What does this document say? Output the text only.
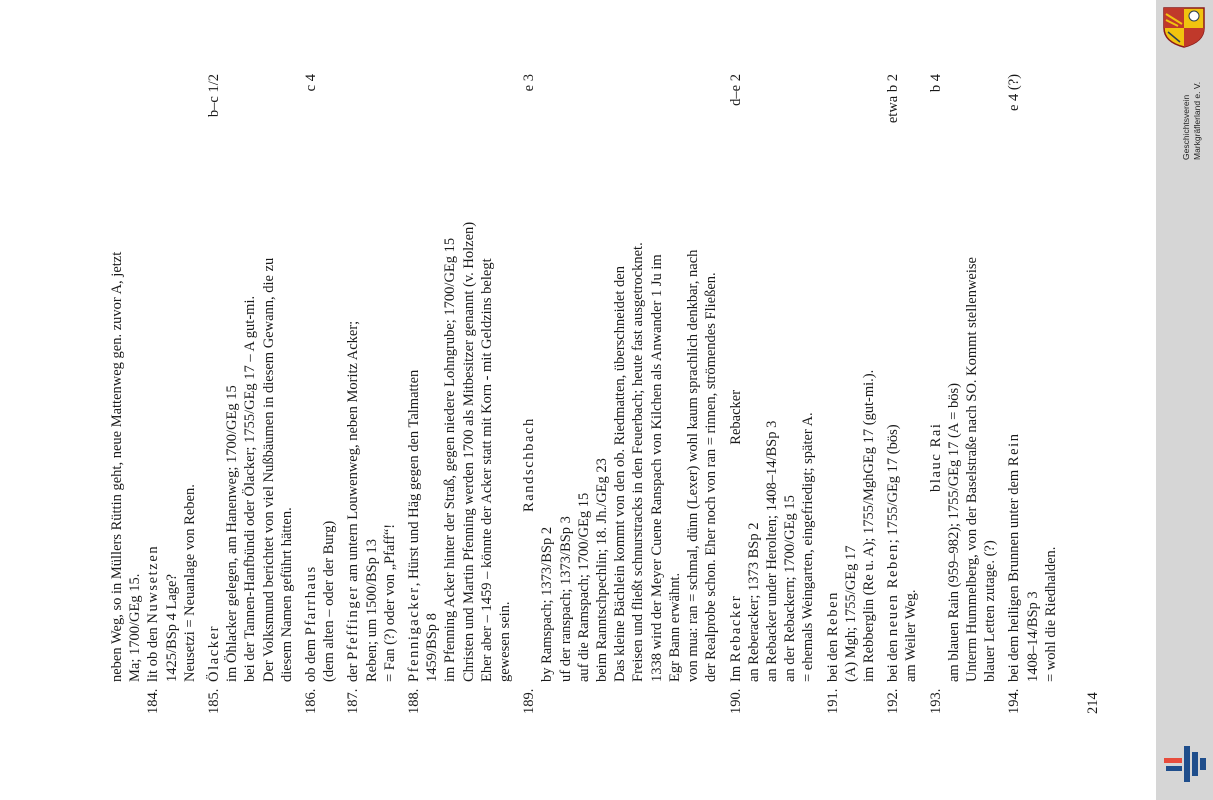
neben Weg, so in Müllers Rüttin geht, neue Mattenweg gen. zuvor A, jetzt Ma; 1700/GEg 15.
184.
lit ob den Nuwsetzen 1425/BSp 4 Lage? Neusetzi = Neuanlage von Reben.
185.
b–c 1/2
Ölacker im Öhlacker gelegen, am Hanenweg; 1700/GEg 15 bei der Tannen-Hanfbündi oder Ölacker; 1755/GEg 17 – A gut-mi. Der Volksmund berichtet von viel Nußbäumen in diesem Gewann, die zu diesem Namen geführt hätten.
186.
c 4
ob dem Pfarrhaus (dem alten – oder der Burg)
187.
der Pfeffinger am untern Louwenweg, neben Moritz Acker;
Reben; um 1500/BSp 13 = Fan (?) oder von „Pfaff“!
188.
Pfennigacker, Hürst und Häg gegen den Talmatten
1459/BSp 8 im Pfenning Acker hinter der Straß, gegen niedere Lohngrube; 1700/GEg 15 Christen und Martin Pfenning werden 1700 als Mitbesitzer genannt (v. Holzen) Eher aber – 1459 – könnte der Acker statt mit Korn - mit Geldzins belegt gewesen sein.
189.
e 3
Randschbach
by Ramspach; 1373/BSp 2 uf der ranspach; 1373/BSp 3 auf die Ramspach; 1700/GEg 15 beim Ranntschpechlin; 18. Jh./GEg 23 Das kleine Bächlein kommt von den ob. Riedmatten, überschneidet den Freisen und fließt schnurstracks in den Feuerbach; heute fast ausgetrocknet. 1338 wird der Meyer Cuene Ranspach von Kilchen als Anwander 1 Ju im Egr Bann erwähnt. von mua: ran = schmal, dünn (Lexer) wohl kaum sprachlich denkbar, nach der Realprobe schon. Eher noch von ran = rinnen, strömendes Fließen.
190.
d–e 2
Im RebackerRebacker
an Reberacker; 1373 BSp 2 an Rebacker under Herolten; 1408–14/BSp 3 an der Rebackern; 1700/GEg 15 = ehemals Weingarten, eingefriedigt; später A.
191.
bei den Reben (A) Mgh; 1755/GEg 17 im Rebberglin (Re u. A); 1755/MghGEg 17 (gut-mi.).
192.
etwa b 2
bei den neuen Reben; 1755/GEg 17 (bös)
am Weiler Weg.
193.
b 4
blauc Rai am blauen Rain (959–982); 1755/GEg 17 (A = bös) Unterm Hummelberg, von der Baselstraße nach SO. Kommt stellenweise blauer Letten zutage. (?)
194.
e 4 (?)
bei dem heiligen Brunnen unter dem Rein
1408–14/BSp 3 = wohl die Riedhalden.
214
Geschichtsverein Markgräflerland e. V.
